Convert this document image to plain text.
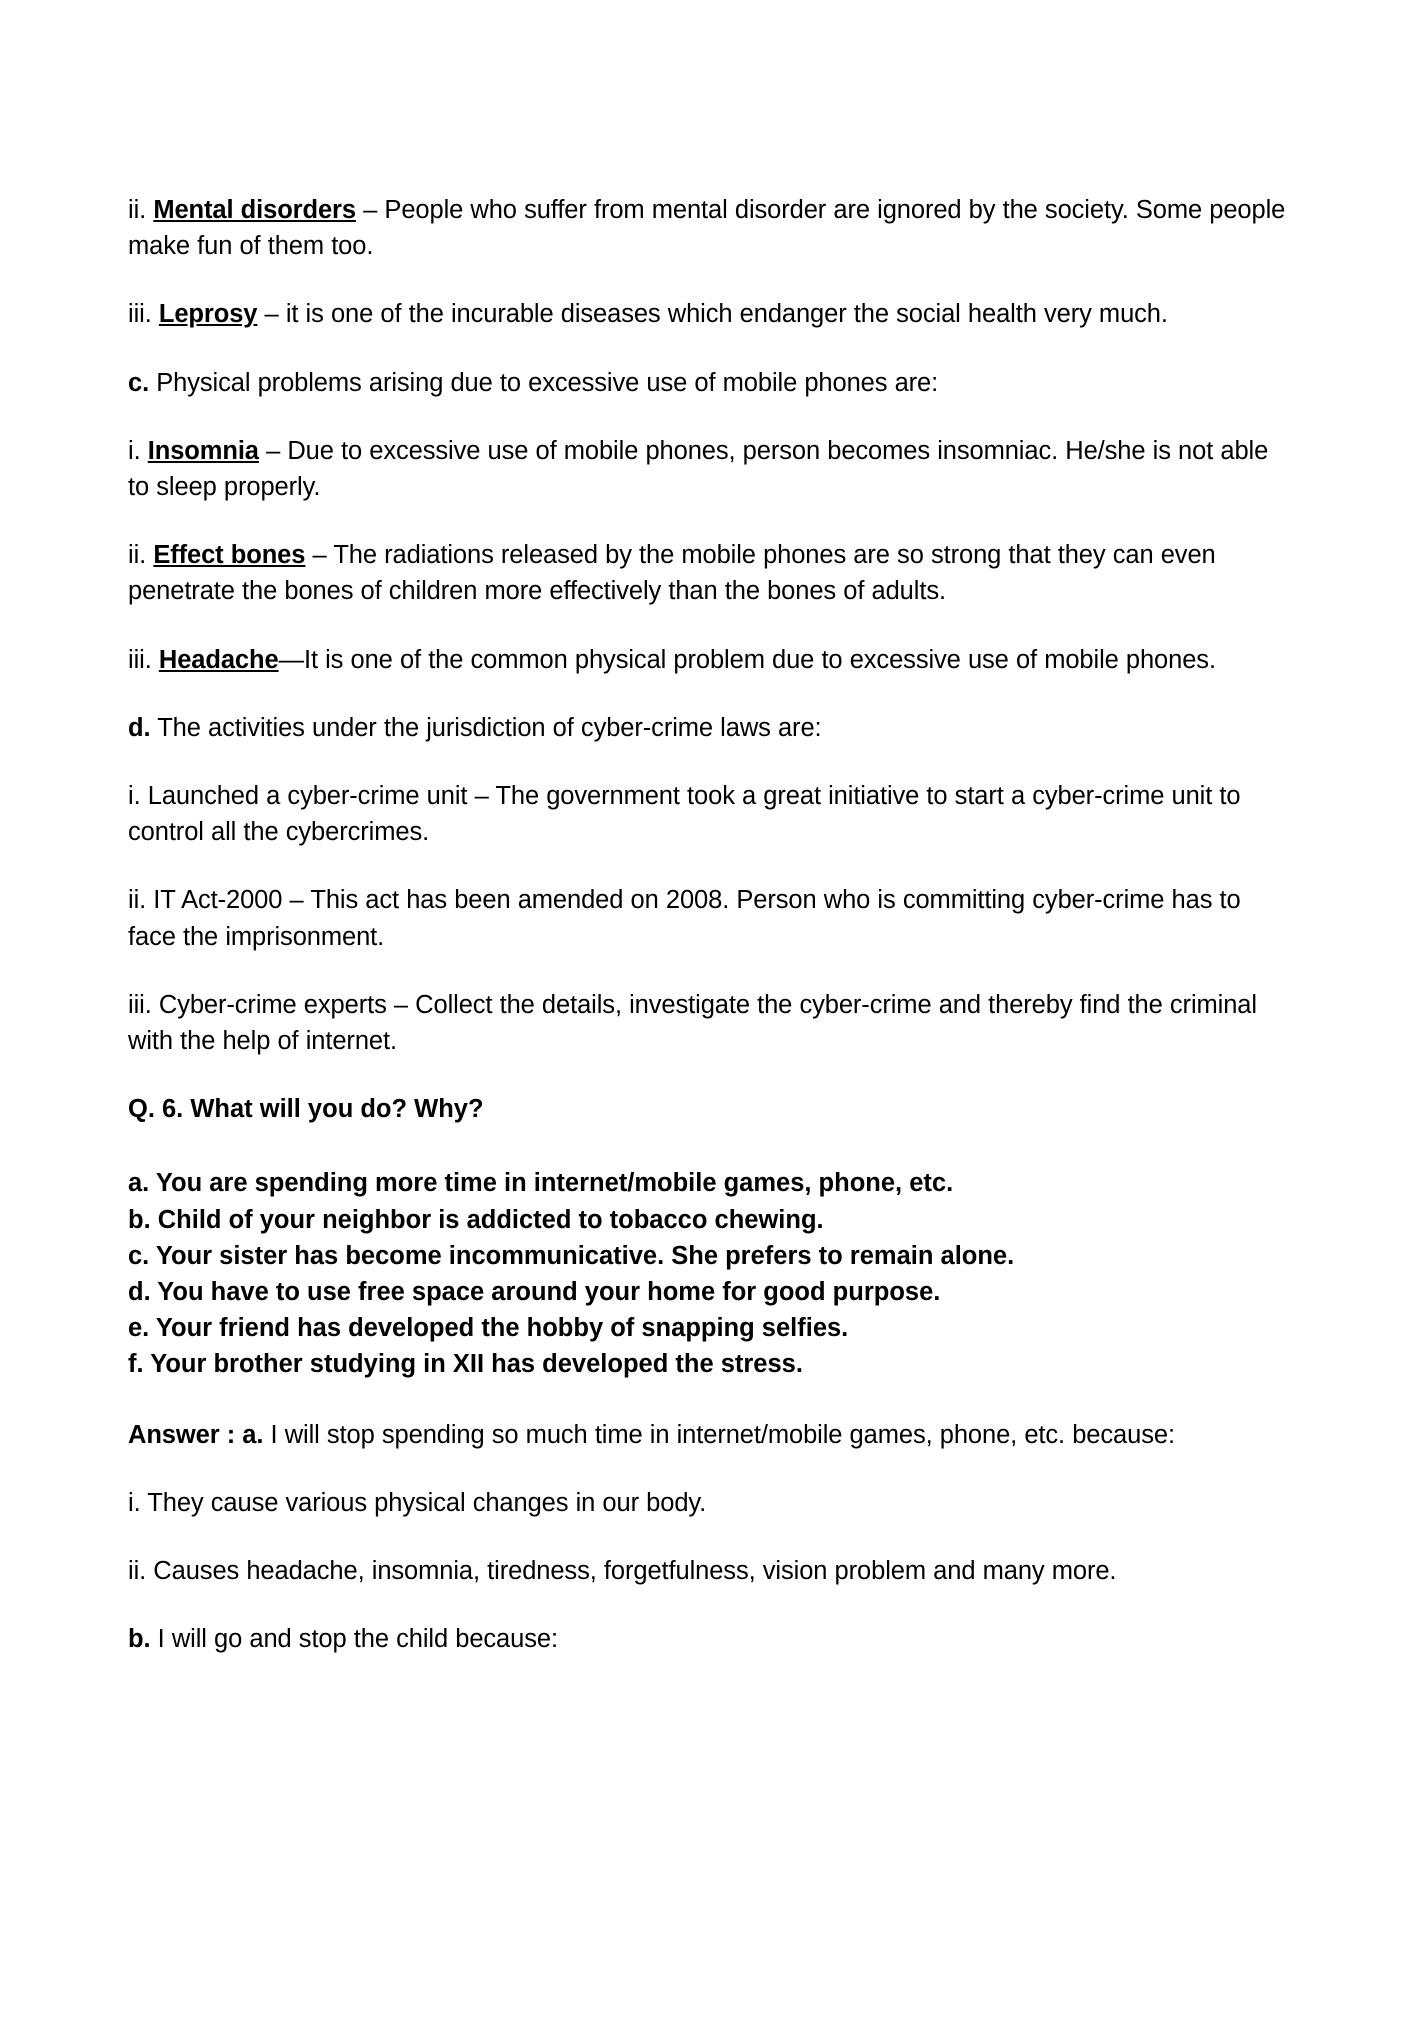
ii. Mental disorders – People who suffer from mental disorder are ignored by the society. Some people make fun of them too.

iii. Leprosy – it is one of the incurable diseases which endanger the social health very much.

c. Physical problems arising due to excessive use of mobile phones are:

i. Insomnia – Due to excessive use of mobile phones, person becomes insomniac. He/she is not able to sleep properly.

ii. Effect bones – The radiations released by the mobile phones are so strong that they can even penetrate the bones of children more effectively than the bones of adults.

iii. Headache—It is one of the common physical problem due to excessive use of mobile phones.

d. The activities under the jurisdiction of cyber-crime laws are:

i. Launched a cyber-crime unit – The government took a great initiative to start a cyber-crime unit to control all the cybercrimes.

ii. IT Act-2000 – This act has been amended on 2008. Person who is committing cyber-crime has to face the imprisonment.

iii. Cyber-crime experts – Collect the details, investigate the cyber-crime and thereby find the criminal with the help of internet.

Q. 6. What will you do? Why?

a. You are spending more time in internet/mobile games, phone, etc.
b. Child of your neighbor is addicted to tobacco chewing.
c. Your sister has become incommunicative. She prefers to remain alone.
d. You have to use free space around your home for good purpose.
e. Your friend has developed the hobby of snapping selfies.
f. Your brother studying in XII has developed the stress.

Answer : a. I will stop spending so much time in internet/mobile games, phone, etc. because:

i. They cause various physical changes in our body.

ii. Causes headache, insomnia, tiredness, forgetfulness, vision problem and many more.

b. I will go and stop the child because:
